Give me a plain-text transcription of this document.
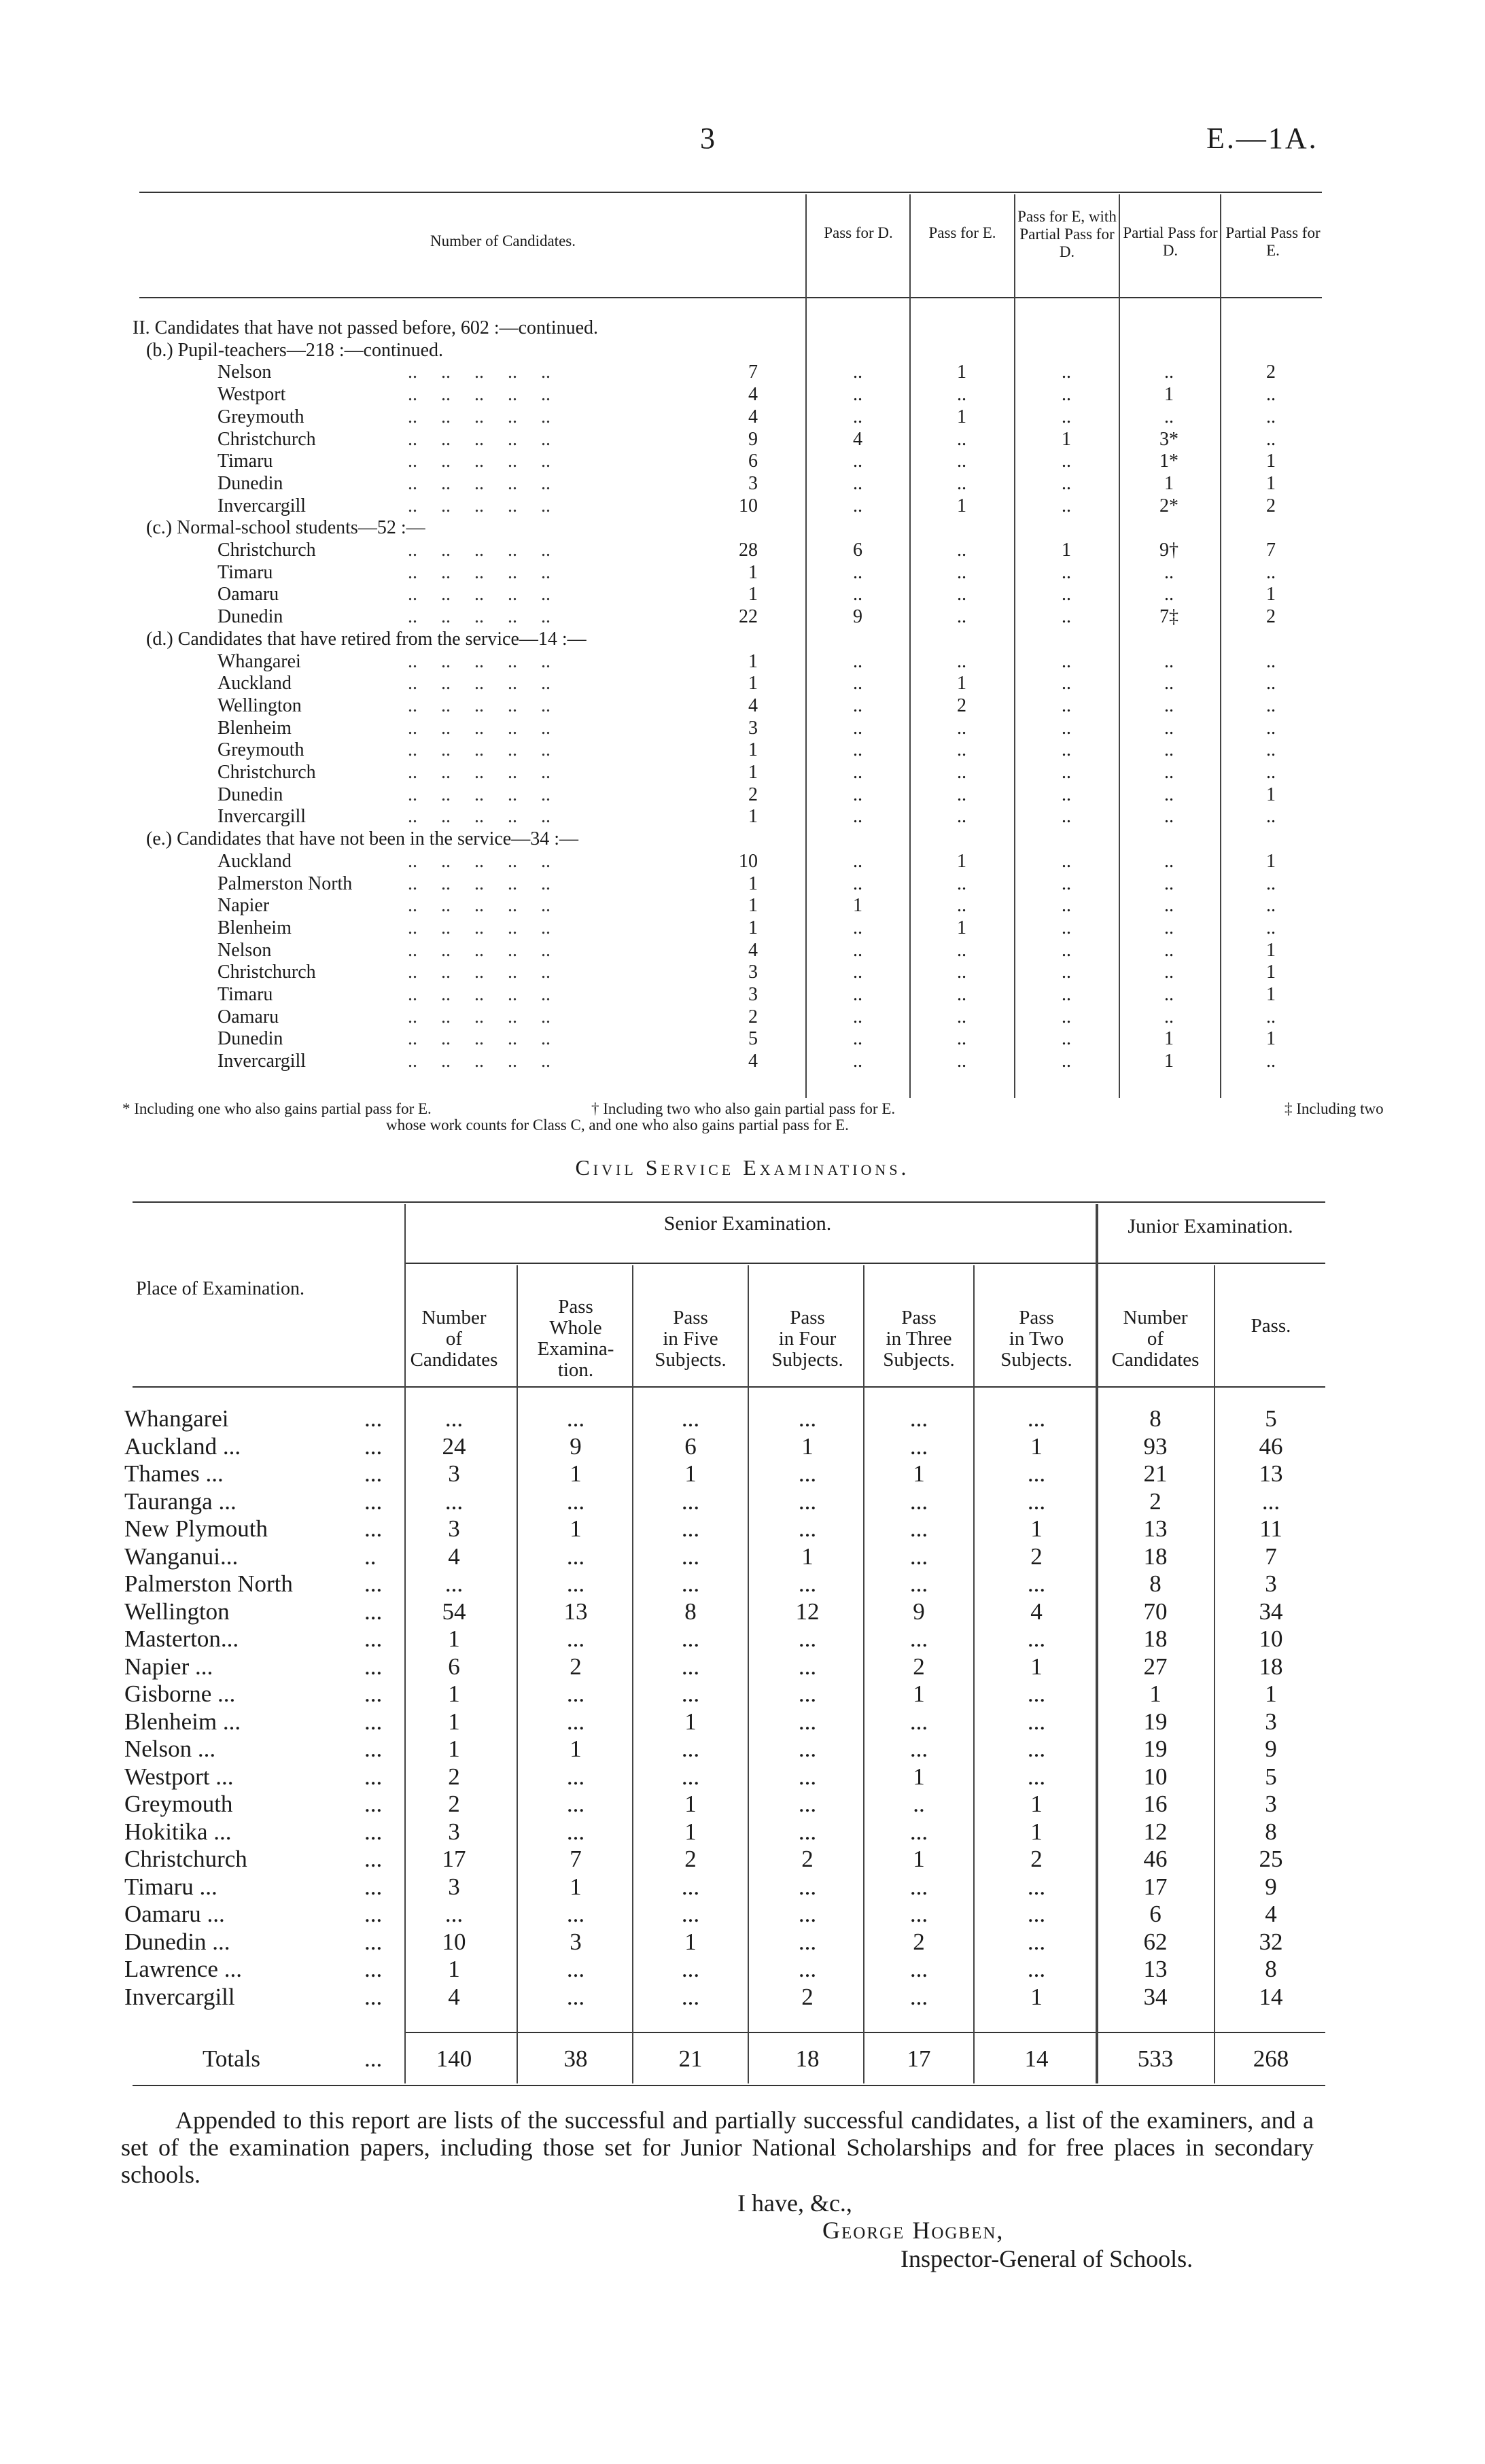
3	E.—1A.
Number of Candidates.	Pass for D.	Pass for E.
Pass for E, with Partial Pass for D.
Partial Pass for D.
Partial Pass for E.
II. Candidates that have not passed before, 602 :—continued.
(b.) Pupil-teachers—218 :—continued.
Nelson	..     ..     ..     ..     ..	7	..	1	..	..	2
Westport	..     ..     ..     ..     ..	4	..	..	..	1	..
Greymouth	..     ..     ..     ..     ..	4	..	1	..	..	..
Christchurch	..     ..     ..     ..     ..	9	4	..	1	3*	..
Timaru	..     ..     ..     ..     ..	6	..	..	..	1*	1
Dunedin	..     ..     ..     ..     ..	3	..	..	..	1	1
Invercargill	..     ..     ..     ..     ..	10	..	1	..	2*	2
(c.) Normal-school students—52 :—
Christchurch	..     ..     ..     ..     ..	28	6	..	1	9†	7
Timaru	..     ..     ..     ..     ..	1	..	..	..	..	..
Oamaru	..     ..     ..     ..     ..	1	..	..	..	..	1
Dunedin	..     ..     ..     ..     ..	22	9	..	..	7‡	2
(d.) Candidates that have retired from the service—14 :—
Whangarei	..     ..     ..     ..     ..	1	..	..	..	..	..
Auckland	..     ..     ..     ..     ..	1	..	1	..	..	..
Wellington	..     ..     ..     ..     ..	4	..	2	..	..	..
Blenheim	..     ..     ..     ..     ..	3	..	..	..	..	..
Greymouth	..     ..     ..     ..     ..	1	..	..	..	..	..
Christchurch	..     ..     ..     ..     ..	1	..	..	..	..	..
Dunedin	..     ..     ..     ..     ..	2	..	..	..	..	1
Invercargill	..     ..     ..     ..     ..	1	..	..	..	..	..
(e.) Candidates that have not been in the service—34 :—
Auckland	..     ..     ..     ..     ..	10	..	1	..	..	1
Palmerston North	..     ..     ..     ..     ..	1	..	..	..	..	..
Napier	..     ..     ..     ..     ..	1	1	..	..	..	..
Blenheim	..     ..     ..     ..     ..	1	..	1	..	..	..
Nelson	..     ..     ..     ..     ..	4	..	..	..	..	1
Christchurch	..     ..     ..     ..     ..	3	..	..	..	..	1
Timaru	..     ..     ..     ..     ..	3	..	..	..	..	1
Oamaru	..     ..     ..     ..     ..	2	..	..	..	..	..
Dunedin	..     ..     ..     ..     ..	5	..	..	..	1	1
Invercargill	..     ..     ..     ..     ..	4	..	..	..	1	..
* Including one who also gains partial pass for E.	† Including two who also gain partial pass for E.	‡ Including two
whose work counts for Class C, and one who also gains partial pass for E.
Civil Service Examinations.
Senior Examination.	Junior Examination.
Place of Examination.
Number
of
Candidates
Pass
Whole
Examina-
tion.
Pass
in Five
Subjects.
Pass
in Four
Subjects.
Pass
in Three
Subjects.
Pass
in Two
Subjects.
Number
of
Candidates
Pass.
Whangarei	...	...	...	...	...	...	...	8	5
Auckland ...	...	24	9	6	1	...	1	93	46
Thames ...	...	3	1	1	...	1	...	21	13
Tauranga ...	...	...	...	...	...	...	...	2	...
New Plymouth	...	3	1	...	...	...	1	13	11
Wanganui...	..	4	...	...	1	...	2	18	7
Palmerston North	...	...	...	...	...	...	...	8	3
Wellington	...	54	13	8	12	9	4	70	34
Masterton...	...	1	...	...	...	...	...	18	10
Napier ...	...	6	2	...	...	2	1	27	18
Gisborne ...	...	1	...	...	...	1	...	1	1
Blenheim ...	...	1	...	1	...	...	...	19	3
Nelson ...	...	1	1	...	...	...	...	19	9
Westport ...	...	2	...	...	...	1	...	10	5
Greymouth	...	2	...	1	...	..	1	16	3
Hokitika ...	...	3	...	1	...	...	1	12	8
Christchurch	...	17	7	2	2	1	2	46	25
Timaru ...	...	3	1	...	...	...	...	17	9
Oamaru ...	...	...	...	...	...	...	...	6	4
Dunedin ...	...	10	3	1	...	2	...	62	32
Lawrence ...	...	1	...	...	...	...	...	13	8
Invercargill	...	4	...	...	2	...	1	34	14
Totals	...	140	38	21	18	17	14	533	268
Appended to this report are lists of the successful and partially successful candidates, a list of the examiners, and a set of the examination papers, including those set for Junior National Scholarships and for free places in secondary schools.
I have, &c.,
George Hogben,
Inspector-General of Schools.
